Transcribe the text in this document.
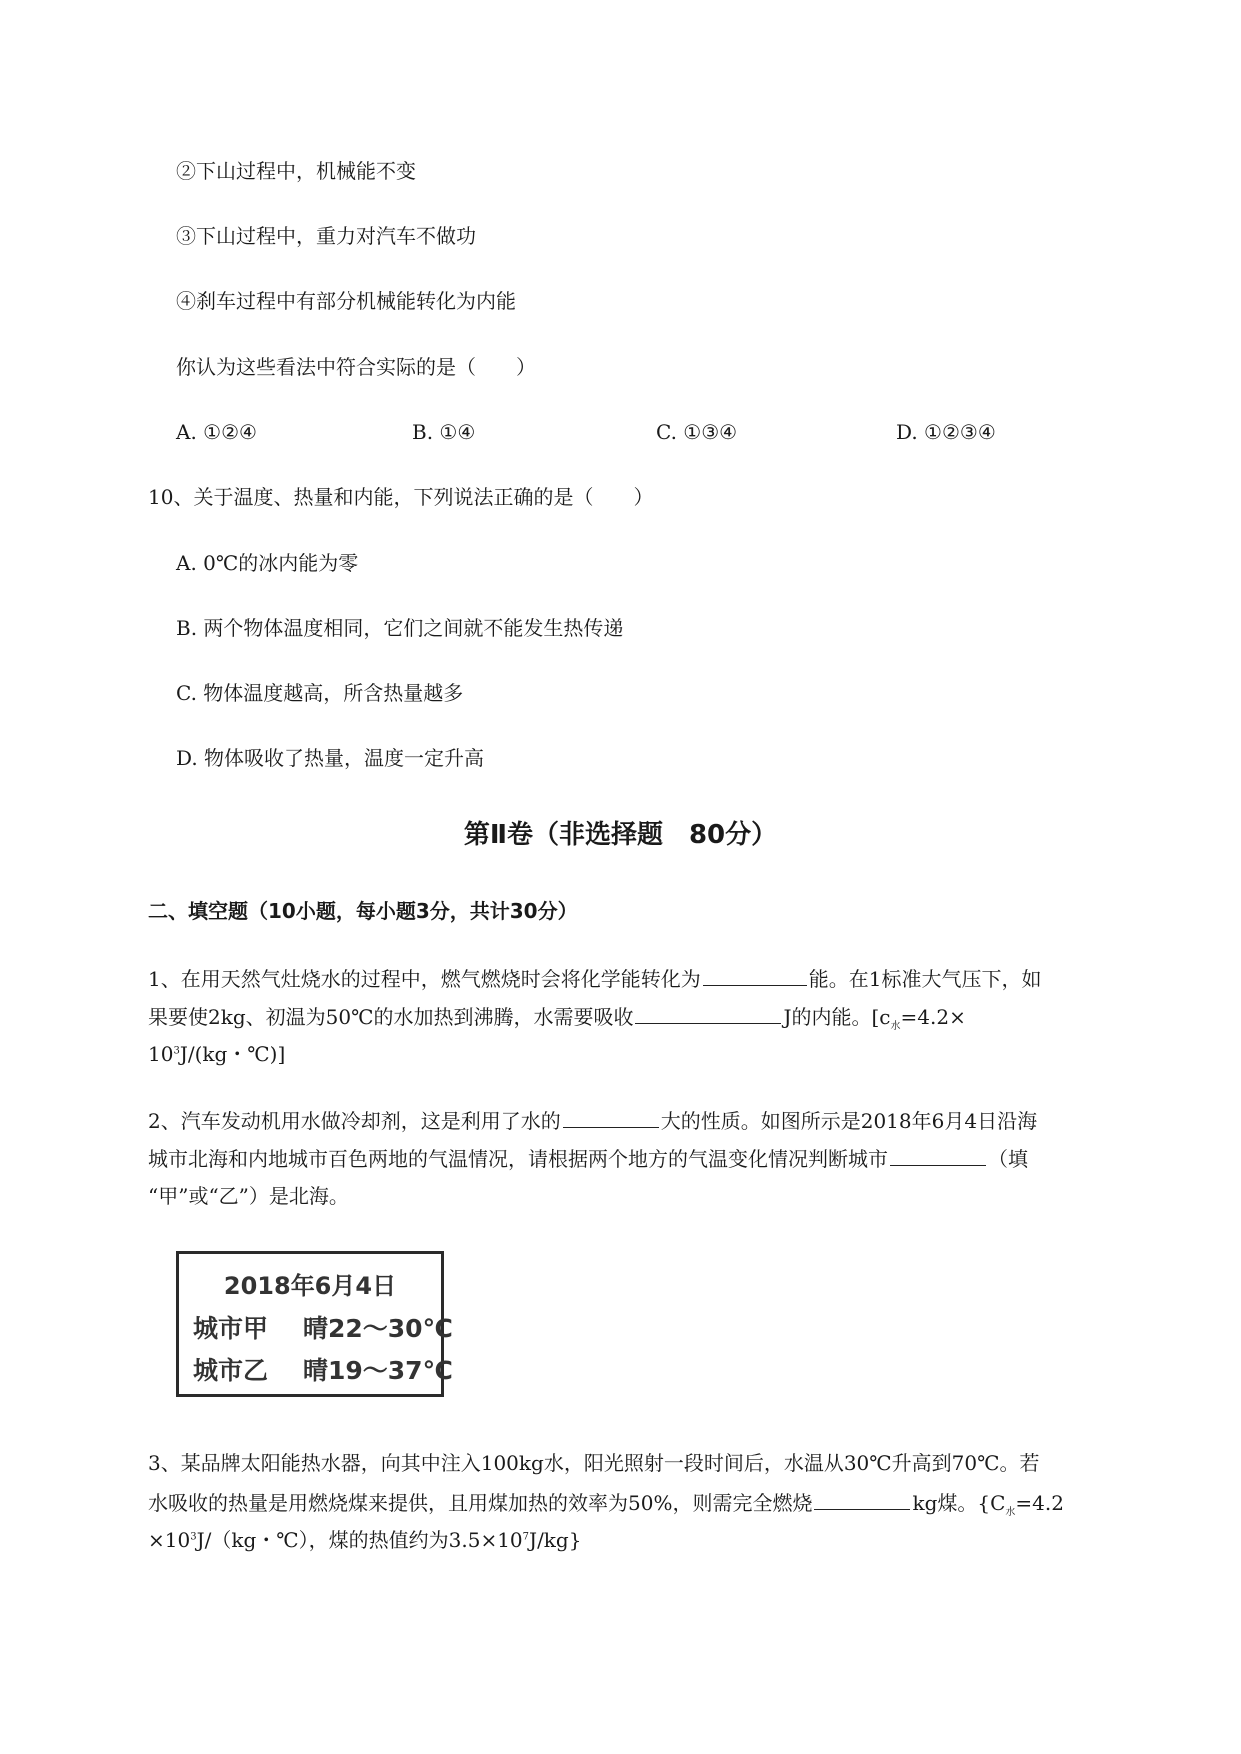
②下山过程中，机械能不变
③下山过程中，重力对汽车不做功
④刹车过程中有部分机械能转化为内能
你认为这些看法中符合实际的是（　　）
A. ①②④	B. ①④	C. ①③④	D. ①②③④
10、关于温度、热量和内能，下列说法正确的是（　　）
A. 0℃的冰内能为零
B. 两个物体温度相同，它们之间就不能发生热传递
C. 物体温度越高，所含热量越多
D. 物体吸收了热量，温度一定升高
第Ⅱ卷（非选择题　80分）
二、填空题（10小题，每小题3分，共计30分）
1、在用天然气灶烧水的过程中，燃气燃烧时会将化学能转化为	能。在1标准大气压下，如
果要使2kg、初温为50℃的水加热到沸腾，水需要吸收	J的内能。[$c_水=4.2\times$
$10^3J/(kg$・℃)]
2、汽车发动机用水做冷却剂，这是利用了水的	大的性质。如图所示是2018年6月4日沿海
城市北海和内地城市百色两地的气温情况，请根据两个地方的气温变化情况判断城市	（填
“甲”或“乙”）是北海。
2018年6月4日
城市甲 晴22～30℃
城市乙 晴19～37℃
3、某品牌太阳能热水器，向其中注入100kg水，阳光照射一段时间后，水温从30℃升高到70℃。若
水吸收的热量是用燃烧煤来提供，且用煤加热的效率为50%，则需完全燃烧	kg煤。{$C_水=4.2$
$\times 10^3J/(kg$・℃），煤的热值约为$3.5\times 10^7J/kg$}
